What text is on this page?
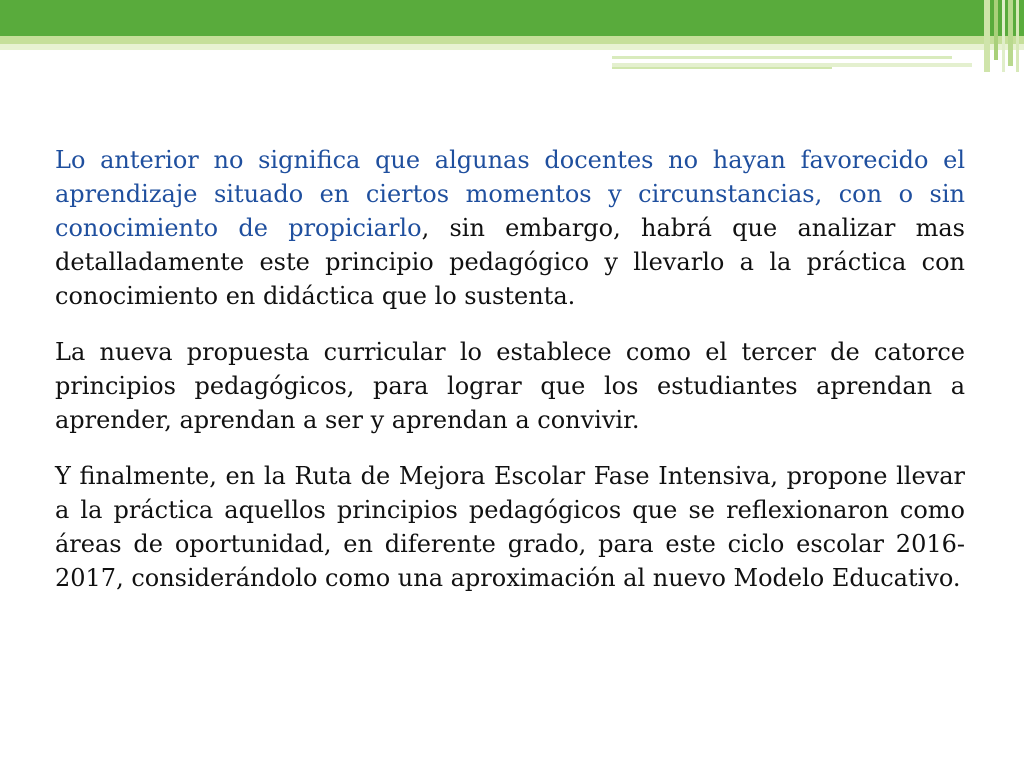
Lo anterior no significa que algunas docentes no hayan favorecido el aprendizaje situado en ciertos momentos y circunstancias, con o sin conocimiento de propiciarlo, sin embargo, habrá que analizar mas detalladamente este principio pedagógico y llevarlo a la práctica con conocimiento en didáctica que lo sustenta.

La nueva propuesta curricular lo establece como el tercer de catorce principios pedagógicos, para lograr que los estudiantes aprendan a aprender, aprendan a ser y aprendan a convivir.

Y finalmente, en la Ruta de Mejora Escolar Fase Intensiva, propone llevar a la práctica aquellos principios pedagógicos que se reflexionaron como áreas de oportunidad, en diferente grado, para este ciclo escolar 2016-2017, considerándolo como una aproximación al nuevo Modelo Educativo.
